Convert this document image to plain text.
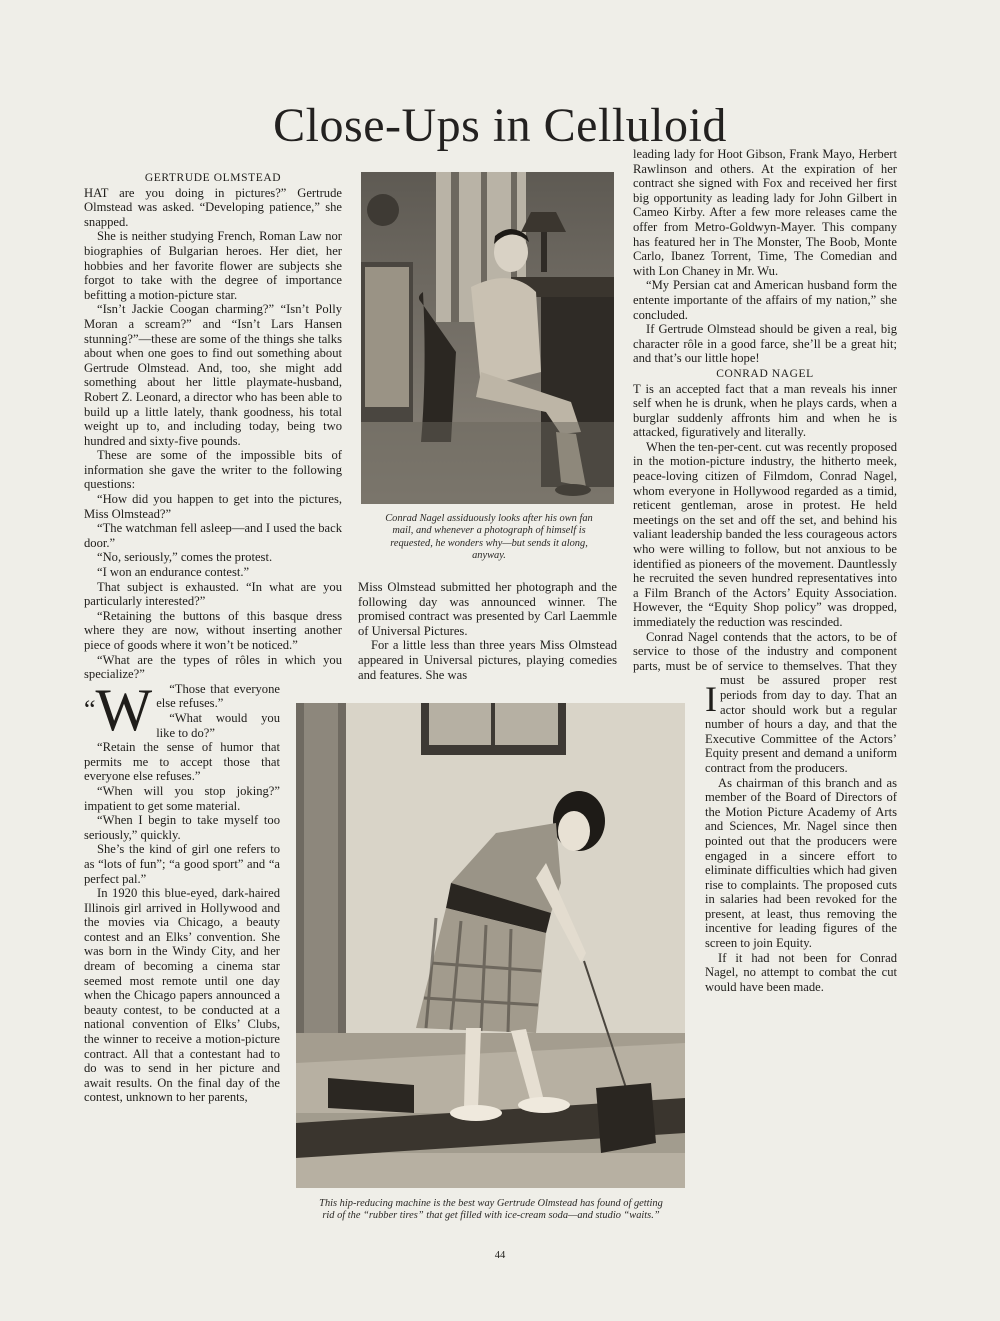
Close-Ups in Celluloid

GERTRUDE OLMSTEAD

“W
HAT are you doing in pictures?” Gertrude Olmstead was asked. “Developing patience,” she snapped.

She is neither studying French, Roman Law nor biographies of Bulgarian heroes. Her diet, her hobbies and her favorite flower are subjects she forgot to take with the degree of importance befitting a motion-picture star.

“Isn’t Jackie Coogan charming?” “Isn’t Polly Moran a scream?” and “Isn’t Lars Hansen stunning?”—these are some of the things she talks about when one goes to find out something about Gertrude Olmstead. And, too, she might add something about her little playmate-husband, Robert Z. Leonard, a director who has been able to build up a little lately, thank goodness, his total weight up to, and including today, being two hundred and sixty-five pounds.

These are some of the impossible bits of information she gave the writer to the following questions:

“How did you happen to get into the pictures, Miss Olmstead?”

“The watchman fell asleep—and I used the back door.”

“No, seriously,” comes the protest.

“I won an endurance contest.”

That subject is exhausted. “In what are you particularly interested?”

“Retaining the buttons of this basque dress where they are now, without inserting another piece of goods where it won’t be noticed.”

“What are the types of rôles in which you specialize?”

“Those that everyone else refuses.”

“What would you like to do?”

“Retain the sense of humor that permits me to accept those that everyone else refuses.”

“When will you stop joking?” impatient to get some material.

“When I begin to take myself too seriously,” quickly.

She’s the kind of girl one refers to as “lots of fun”; “a good sport” and “a perfect pal.”

In 1920 this blue-eyed, dark-haired Illinois girl arrived in Hollywood and the movies via Chicago, a beauty contest and an Elks’ convention. She was born in the Windy City, and her dream of becoming a cinema star seemed most remote until one day when the Chicago papers announced a beauty contest, to be conducted at a national convention of Elks’ Clubs, the winner to receive a motion-picture contract. All that a contestant had to do was to send in her picture and await results. On the final day of the contest, unknown to her parents,

Conrad Nagel assiduously looks after his own fan mail, and whenever a photograph of himself is requested, he wonders why—but sends it along, anyway.

Miss Olmstead submitted her photograph and the following day was announced winner. The promised contract was presented by Carl Laemmle of Universal Pictures.

For a little less than three years Miss Olmstead appeared in Universal pictures, playing comedies and features. She was

This hip-reducing machine is the best way Gertrude Olmstead has found of getting rid of the “rubber tires” that get filled with ice-cream soda—and studio “waits.”

leading lady for Hoot Gibson, Frank Mayo, Herbert Rawlinson and others. At the expiration of her contract she signed with Fox and received her first big opportunity as leading lady for John Gilbert in Cameo Kirby. After a few more releases came the offer from Metro-Goldwyn-Mayer. This company has featured her in The Monster, The Boob, Monte Carlo, Ibanez Torrent, Time, The Comedian and with Lon Chaney in Mr. Wu.

“My Persian cat and American husband form the entente importante of the affairs of my nation,” she concluded.

If Gertrude Olmstead should be given a real, big character rôle in a good farce, she’ll be a great hit; and that’s our little hope!

CONRAD NAGEL

I
T is an accepted fact that a man reveals his inner self when he is drunk, when he plays cards, when a burglar suddenly affronts him and when he is attacked, figuratively and literally.

When the ten-per-cent. cut was recently proposed in the motion-picture industry, the hitherto meek, peace-loving citizen of Filmdom, Conrad Nagel, whom everyone in Hollywood regarded as a timid, reticent gentleman, arose in protest. He held meetings on the set and off the set, and behind his valiant leadership banded the less courageous actors who were willing to follow, but not anxious to be identified as pioneers of the movement. Dauntlessly he recruited the seven hundred representatives into a Film Branch of the Actors’ Equity Association. However, the “Equity Shop policy” was dropped, immediately the reduction was rescinded.

Conrad Nagel contends that the actors, to be of service to those of the industry and component parts, must be of service to themselves. That they must be assured proper rest periods from day to day. That an actor should work but a regular number of hours a day, and that the Executive Committee of the Actors’ Equity present and demand a uniform contract from the producers.

As chairman of this branch and as member of the Board of Directors of the Motion Picture Academy of Arts and Sciences, Mr. Nagel since then pointed out that the producers were engaged in a sincere effort to eliminate difficulties which had given rise to complaints. The proposed cuts in salaries had been revoked for the present, at least, thus removing the incentive for leading figures of the screen to join Equity.

If it had not been for Conrad Nagel, no attempt to combat the cut would have been made.

44
